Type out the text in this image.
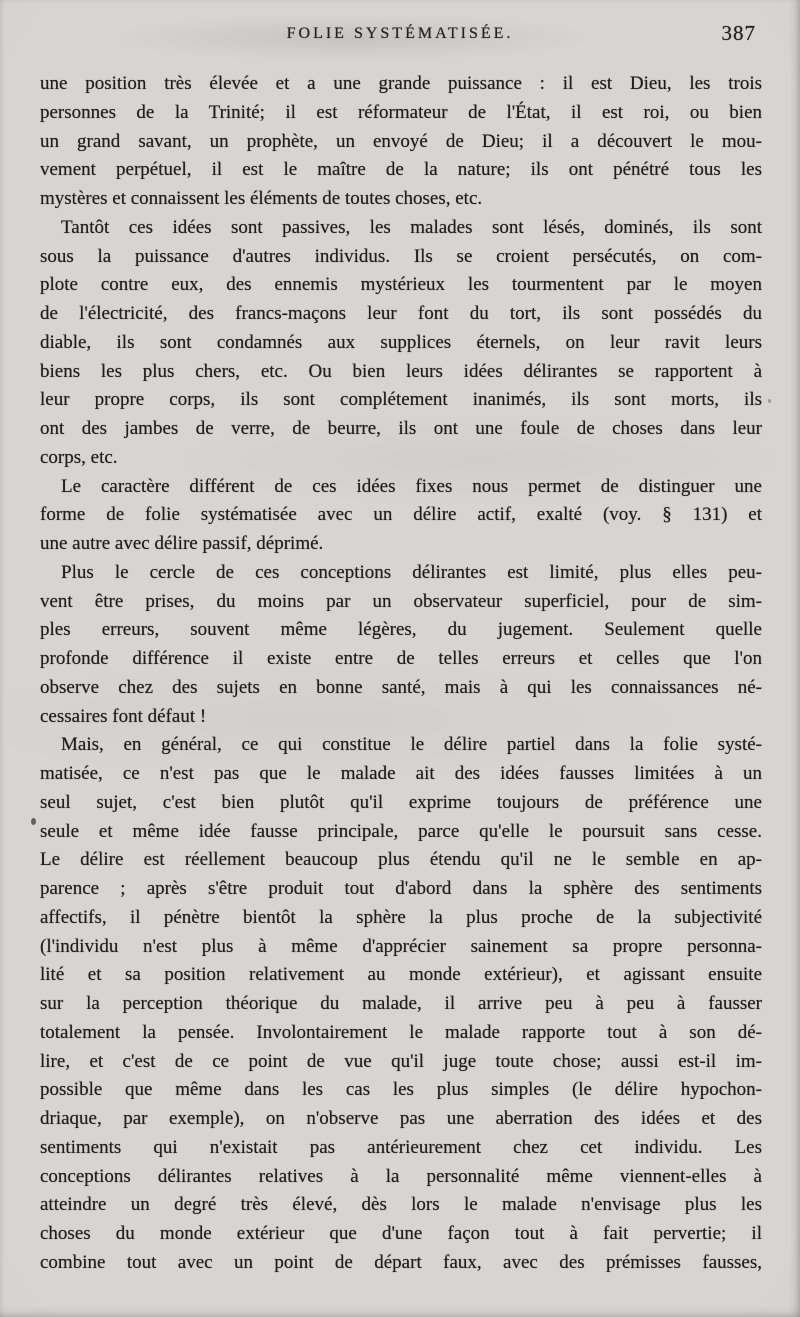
FOLIE SYSTÉMATISÉE.	387

une position très élevée et a une grande puissance : il est Dieu, les trois
personnes de la Trinité; il est réformateur de l'État, il est roi, ou bien
un grand savant, un prophète, un envoyé de Dieu; il a découvert le mou-
vement perpétuel, il est le maître de la nature; ils ont pénétré tous les
mystères et connaissent les éléments de toutes choses, etc.

Tantôt ces idées sont passives, les malades sont lésés, dominés, ils sont
sous la puissance d'autres individus. Ils se croient persécutés, on com-
plote contre eux, des ennemis mystérieux les tourmentent par le moyen
de l'électricité, des francs-maçons leur font du tort, ils sont possédés du
diable, ils sont condamnés aux supplices éternels, on leur ravit leurs
biens les plus chers, etc. Ou bien leurs idées délirantes se rapportent à
leur propre corps, ils sont complétement inanimés, ils sont morts, ils
ont des jambes de verre, de beurre, ils ont une foule de choses dans leur
corps, etc.

Le caractère différent de ces idées fixes nous permet de distinguer une
forme de folie systématisée avec un délire actif, exalté (voy. § 131) et
une autre avec délire passif, déprimé.

Plus le cercle de ces conceptions délirantes est limité, plus elles peu-
vent être prises, du moins par un observateur superficiel, pour de sim-
ples erreurs, souvent même légères, du jugement. Seulement quelle
profonde différence il existe entre de telles erreurs et celles que l'on
observe chez des sujets en bonne santé, mais à qui les connaissances né-
cessaires font défaut !

Mais, en général, ce qui constitue le délire partiel dans la folie systé-
matisée, ce n'est pas que le malade ait des idées fausses limitées à un
seul sujet, c'est bien plutôt qu'il exprime toujours de préférence une
seule et même idée fausse principale, parce qu'elle le poursuit sans cesse.
Le délire est réellement beaucoup plus étendu qu'il ne le semble en ap-
parence ; après s'être produit tout d'abord dans la sphère des sentiments
affectifs, il pénètre bientôt la sphère la plus proche de la subjectivité
(l'individu n'est plus à même d'apprécier sainement sa propre personna-
lité et sa position relativement au monde extérieur), et agissant ensuite
sur la perception théorique du malade, il arrive peu à peu à fausser
totalement la pensée. Involontairement le malade rapporte tout à son dé-
lire, et c'est de ce point de vue qu'il juge toute chose; aussi est-il im-
possible que même dans les cas les plus simples (le délire hypochon-
driaque, par exemple), on n'observe pas une aberration des idées et des
sentiments qui n'existait pas antérieurement chez cet individu. Les
conceptions délirantes relatives à la personnalité même viennent-elles à
atteindre un degré très élevé, dès lors le malade n'envisage plus les
choses du monde extérieur que d'une façon tout à fait pervertie; il
combine tout avec un point de départ faux, avec des prémisses fausses,
